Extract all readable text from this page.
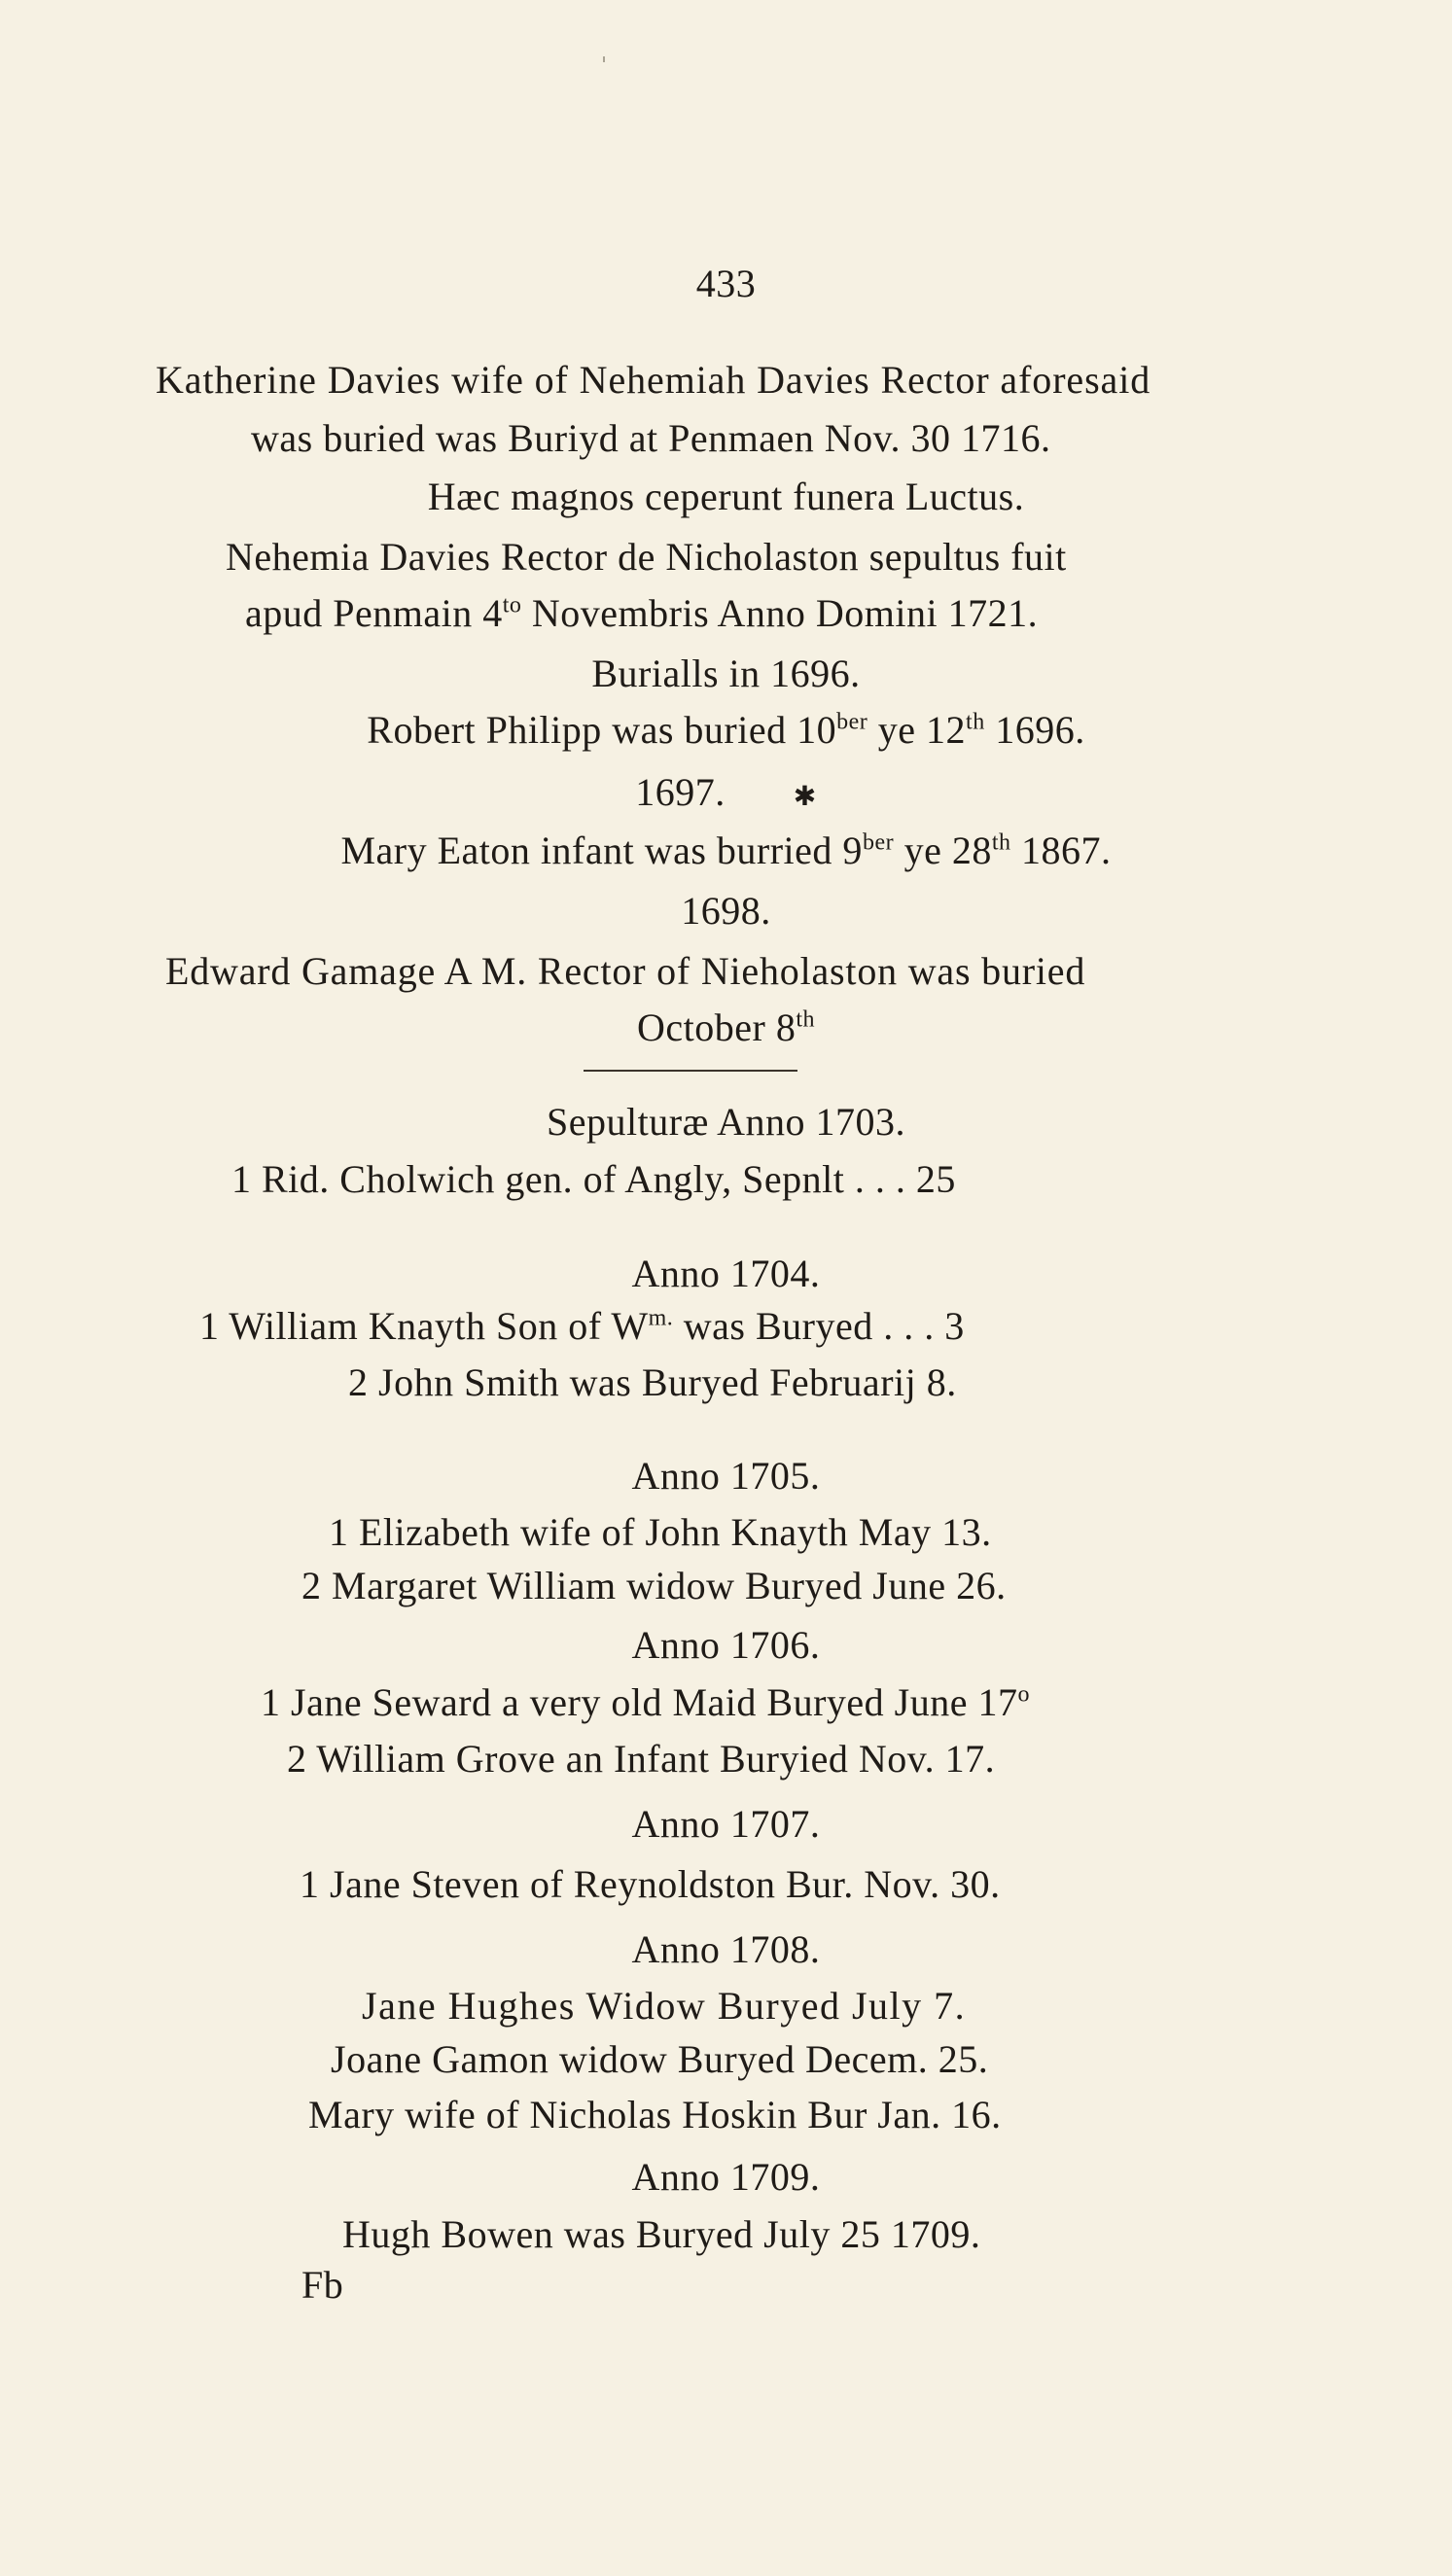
433
Katherine Davies wife of Nehemiah Davies Rector aforesaid
was buried was Buriyd at Penmaen Nov. 30 1716.
Hæc magnos ceperunt funera Luctus.
Nehemia Davies Rector de Nicholaston sepultus fuit
apud Penmain $4^{to}$ Novembris Anno Domini 1721.
Burialls in 1696.
Robert Philipp was buried $10^{ber}$ ye 12th 1696.
1697.	✱
Mary Eaton infant was burried $9^{ber}$ ye 28th 1867.
1698.
Edward Gamage A M. Rector of Nieholaston was buried
October 8th
Sepulturæ Anno 1703.
1 Rid. Cholwich gen. of Angly, Sepnlt . . . 25
Anno 1704.
1 William Knayth Son of $W^{m.}$ was Buryed . . . 3
2 John Smith was Buryed Februarij 8.
Anno 1705.
1 Elizabeth wife of John Knayth May 13.
2 Margaret William widow Buryed June 26.
Anno 1706.
1 Jane Seward a very old Maid Buryed June 17$^o$
2 William Grove an Infant Buryied Nov. 17.
Anno 1707.
1 Jane Steven of Reynoldston Bur. Nov. 30.
Anno 1708.
Jane Hughes Widow Buryed July 7.
Joane Gamon widow Buryed Decem. 25.
Mary wife of Nicholas Hoskin Bur Jan. 16.
Anno 1709.
Hugh Bowen was Buryed July 25 1709.
Fb
